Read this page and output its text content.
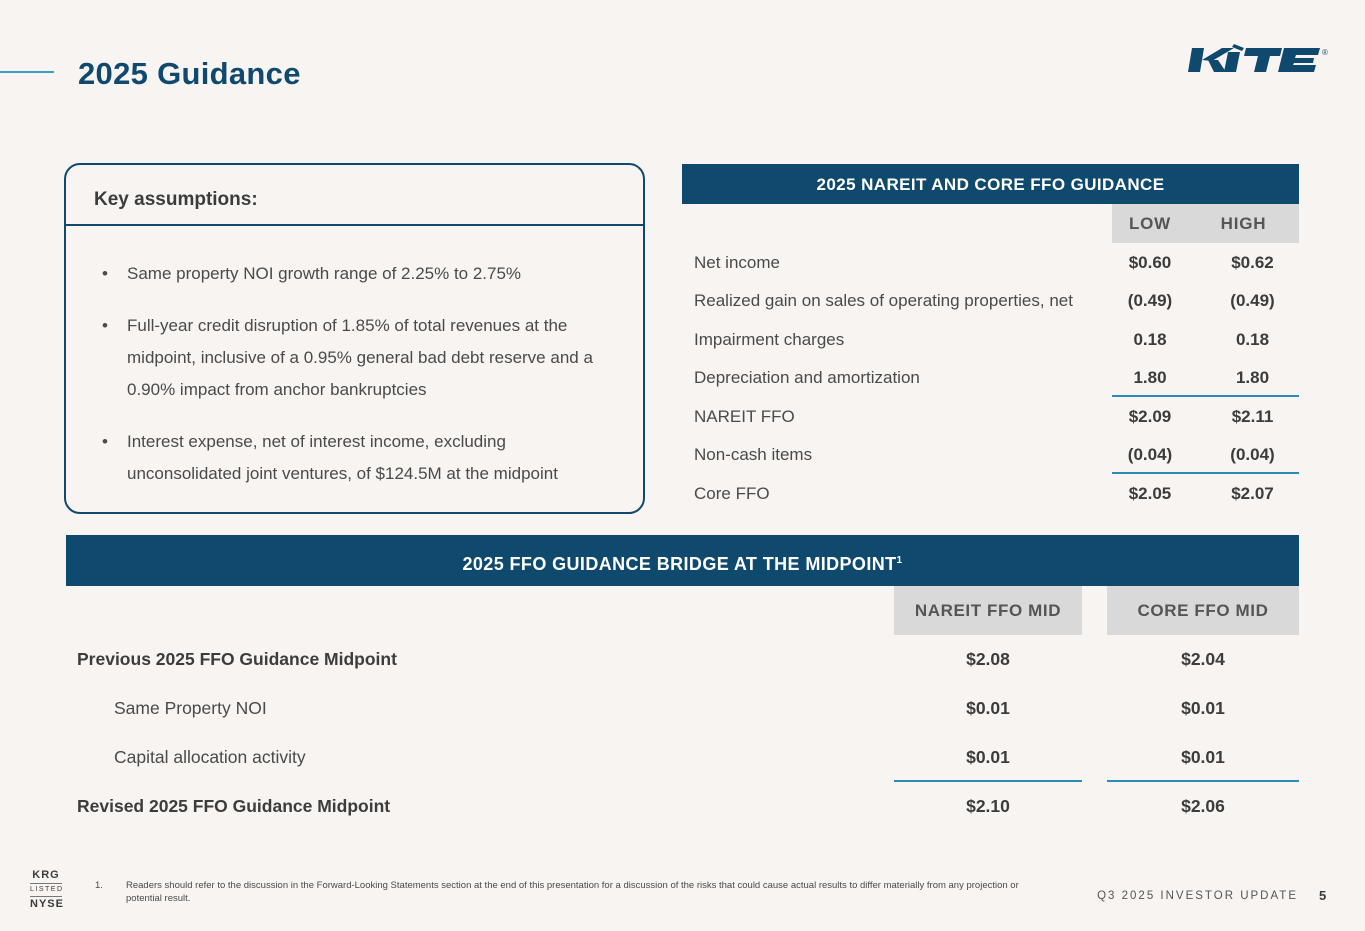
2025 Guidance
®
Key assumptions:
• Same property NOI growth range of 2.25% to 2.75%
• Full-year credit disruption of 1.85% of total revenues at the midpoint, inclusive of a 0.95% general bad debt reserve and a 0.90% impact from anchor bankruptcies
• Interest expense, net of interest income, excluding unconsolidated joint ventures, of $124.5M at the midpoint
2025 NAREIT AND CORE FFO GUIDANCE
LOW	HIGH
Net income	$0.60	$0.62
Realized gain on sales of operating properties, net	(0.49)	(0.49)
Impairment charges	0.18	0.18
Depreciation and amortization	1.80	1.80
NAREIT FFO	$2.09	$2.11
Non-cash items	(0.04)	(0.04)
Core FFO	$2.05	$2.07
2025 FFO GUIDANCE BRIDGE AT THE MIDPOINT$^1$
NAREIT FFO MID	CORE FFO MID
Previous 2025 FFO Guidance Midpoint	$2.08	$2.04
Same Property NOI	$0.01	$0.01
Capital allocation activity	$0.01	$0.01
Revised 2025 FFO Guidance Midpoint	$2.10	$2.06
KRG
LISTED
NYSE
1. Readers should refer to the discussion in the Forward-Looking Statements section at the end of this presentation for a discussion of the risks that could cause actual results to differ materially from any projection or potential result.	Q3 2025 INVESTOR UPDATE 5
